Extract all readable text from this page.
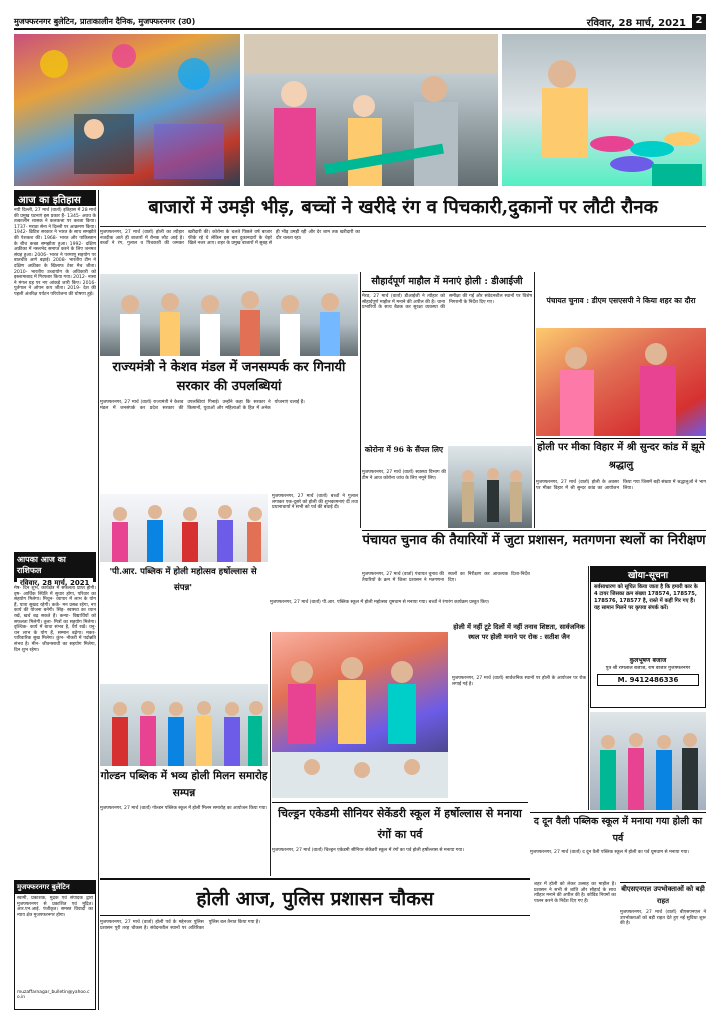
मुजफ्फरनगर बुलेटिन, प्रातःकालीन दैनिक, मुजफ्फरनगर (उ0)	रविवार, 28 मार्च, 2021 2
आज का इतिहास
नयी दिल्ली, 27 मार्च (वार्ता) इतिहास में 28 मार्च की प्रमुख घटनाएं इस प्रकार हैं- 1345- अवध के तत्कालीन शासक ने कलकत्ता पर कब्जा किया। 1737- मराठा सेना ने दिल्ली पर आक्रमण किया। 1942- ब्रिटिश सरकार ने भारत के साथ समझौते की पेशकश की। 1968- भारत और पाकिस्तान के बीच कच्छ समझौता हुआ। 1992- दक्षिण अफ्रीका में नस्लभेद समाप्त करने के लिए जनमत संग्रह हुआ। 2006- भारत ने परमाणु सहयोग पर बातचीत आगे बढ़ाई। 2008- भारतीय टीम ने दक्षिण अफ्रीका के खिलाफ टेस्ट मैच जीता। 2010- भारतीय उच्चायोग के अधिकारी को इस्लामाबाद में गिरफ्तार किया गया। 2012- नासा ने मंगल ग्रह पर नए आंकड़े जारी किए। 2016- पुर्तगाल ने ओपन कप जीता। 2019- देश की पहली अंतरिक्ष पर्यटन परियोजना की घोषणा हुई।
आपका आज का राशिफल
रविवार, 28 मार्च, 2021
मेष- दिन शुभ, कार्यक्षेत्र में सफलता प्राप्त होगी। वृष- आर्थिक स्थिति में सुधार होगा, परिवार का सहयोग मिलेगा। मिथुन- व्यापार में लाभ के योग हैं, यात्रा सुखद रहेगी। कर्क- मन प्रसन्न रहेगा, नए कार्य की योजना बनेगी। सिंह- स्वास्थ्य का ध्यान रखें, खर्च बढ़ सकते हैं। कन्या- विद्यार्थियों को सफलता मिलेगी। तुला- मित्रों का सहयोग मिलेगा। वृश्चिक- कार्य में बाधा संभव है, धैर्य रखें। धनु- धन लाभ के योग हैं, सम्मान बढ़ेगा। मकर- पारिवारिक सुख मिलेगा। कुंभ- नौकरी में पदोन्नति संभव है। मीन- जीवनसाथी का सहयोग मिलेगा, दिन शुभ रहेगा।
मुजफ्फरनगर बुलेटिन
स्वामी, प्रकाशक, मुद्रक एवं संपादक द्वारा मुजफ्फरनगर से प्रकाशित एवं मुद्रित। आर.एन.आई. पंजीकृत। समस्त विवादों का न्याय क्षेत्र मुजफ्फरनगर होगा।
muzaffarnagar_bulletin@yahoo.co.in
बाजारों में उमड़ी भीड़, बच्चों ने खरीदे रंग व पिचकारी,दुकानों पर लौटी रौनक
मुजफ्फरनगर, 27 मार्च (वार्ता) होली का त्यौहार नजदीक आते ही बाजारों में रौनक लौट आई है। बच्चों ने रंग, गुलाल व पिचकारी की जमकर खरीदारी की। कोरोना के चलते पिछले वर्ष बाजार फीके रहे थे लेकिन इस बार दुकानदारों के चेहरे खिले नजर आए। शहर के प्रमुख बाजारों में सुबह से ही भीड़ उमड़ी रही और देर शाम तक खरीदारी का दौर चलता रहा।
सौहार्दपूर्ण माहौल में मनाएं होली : डीआईजी
मेरठ, 27 मार्च (वार्ता) डीआईजी ने त्यौहार को सौहार्दपूर्ण माहौल में मनाने की अपील की है। थाना प्रभारियों के साथ बैठक कर सुरक्षा व्यवस्था की समीक्षा की गई और संवेदनशील स्थानों पर विशेष निगरानी के निर्देश दिए गए।	पंचायत चुनाव : डीएम एसएसपी ने किया शहर का दौरा
राज्यमंत्री ने केशव मंडल में जनसम्पर्क कर गिनायी सरकार की उपलब्धियां
मुजफ्फरनगर, 27 मार्च (वार्ता) राज्यमंत्री ने केशव मंडल में जनसंपर्क कर प्रदेश सरकार की उपलब्धियां गिनाई। उन्होंने कहा कि सरकार ने किसानों, युवाओं और महिलाओं के हित में अनेक योजनाएं चलाई हैं।
कोरोना में 96 के सैंपल लिए
मुजफ्फरनगर, 27 मार्च (वार्ता) स्वास्थ्य विभाग की टीम ने आज कोरोना जांच के लिए नमूने लिए।
होली पर मीका विहार में श्री सुन्दर कांड में झूमे श्रद्धालु
मुजफ्फरनगर, 27 मार्च (वार्ता) होली के अवसर पर मीका विहार में श्री सुन्दर कांड का आयोजन किया गया जिसमें बड़ी संख्या में श्रद्धालुओं ने भाग लिया।
मुजफ्फरनगर, 27 मार्च (वार्ता) बच्चों ने गुलाल लगाकर एक-दूसरे को होली की शुभकामनाएं दीं तथा प्रधानाचार्या ने सभी को पर्व की बधाई दी।
'पी.आर. पब्लिक में होली महोत्सव हर्षोल्लास से संपन्न'
मुजफ्फरनगर, 27 मार्च (वार्ता) पी.आर. पब्लिक स्कूल में होली महोत्सव धूमधाम से मनाया गया। बच्चों ने रंगारंग कार्यक्रम प्रस्तुत किए।
पंचायत चुनाव की तैयारियों में जुटा प्रशासन, मतगणना स्थलों का निरीक्षण
मुजफ्फरनगर, 27 मार्च (वार्ता) पंचायत चुनाव की तैयारियों के क्रम में जिला प्रशासन ने मतगणना स्थलों का निरीक्षण कर आवश्यक दिशा-निर्देश दिए।	खोया-सूचना
सर्वसाधारण को सूचित किया जाता है कि हमारी कार के 4 टायर जिसका क्रम संख्या 178574, 178575, 178576, 178577 है, रास्ते में कहीं गिर गए हैं। यह सामान मिलने पर कृपया संपर्क करें।
कुलभूषण बजाज
पुत्र श्री रामलाल बजाज, राम बाजार मुजफ्फरनगर
M. 9412486336
होली में नहीं टूटे दिलों में नहीं तनाव शिष्टता, सार्वजनिक स्थल पर होली मनाने पर रोक : सतीश जैन
मुजफ्फरनगर, 27 मार्च (वार्ता) सार्वजनिक स्थानों पर होली के आयोजन पर रोक लगाई गई है।
गोल्डन पब्लिक में भव्य होली मिलन समारोह सम्पन्न
मुजफ्फरनगर, 27 मार्च (वार्ता) गोल्डन पब्लिक स्कूल में होली मिलन समारोह का आयोजन किया गया। चिल्ड्रन एकेडमी सीनियर सेकेंडरी स्कूल में हर्षोल्लास से मनाया रंगों का पर्व
मुजफ्फरनगर, 27 मार्च (वार्ता) चिल्ड्रन एकेडमी सीनियर सेकेंडरी स्कूल में रंगों का पर्व होली हर्षोल्लास से मनाया गया।
द दून वैली पब्लिक स्कूल में मनाया गया होली का पर्व
मुजफ्फरनगर, 27 मार्च (वार्ता) द दून वैली पब्लिक स्कूल में होली का पर्व धूमधाम से मनाया गया।
होली आज, पुलिस प्रशासन चौकस
मुजफ्फरनगर, 27 मार्च (वार्ता) होली पर्व के मद्देनजर पुलिस प्रशासन पूरी तरह चौकस है। संवेदनशील स्थानों पर अतिरिक्त पुलिस बल तैनात किया गया है।
बीएसएनएल उपभोक्ताओं को बड़ी राहत
मुजफ्फरनगर, 27 मार्च (वार्ता) बीएसएनएल ने उपभोक्ताओं को बड़ी राहत देते हुए नई सुविधा शुरू की है।
शहर में होली को लेकर उत्साह का माहौल है। प्रशासन ने सभी से शांति और सौहार्द के साथ त्यौहार मनाने की अपील की है। कोविड नियमों का पालन करने के निर्देश दिए गए हैं।
